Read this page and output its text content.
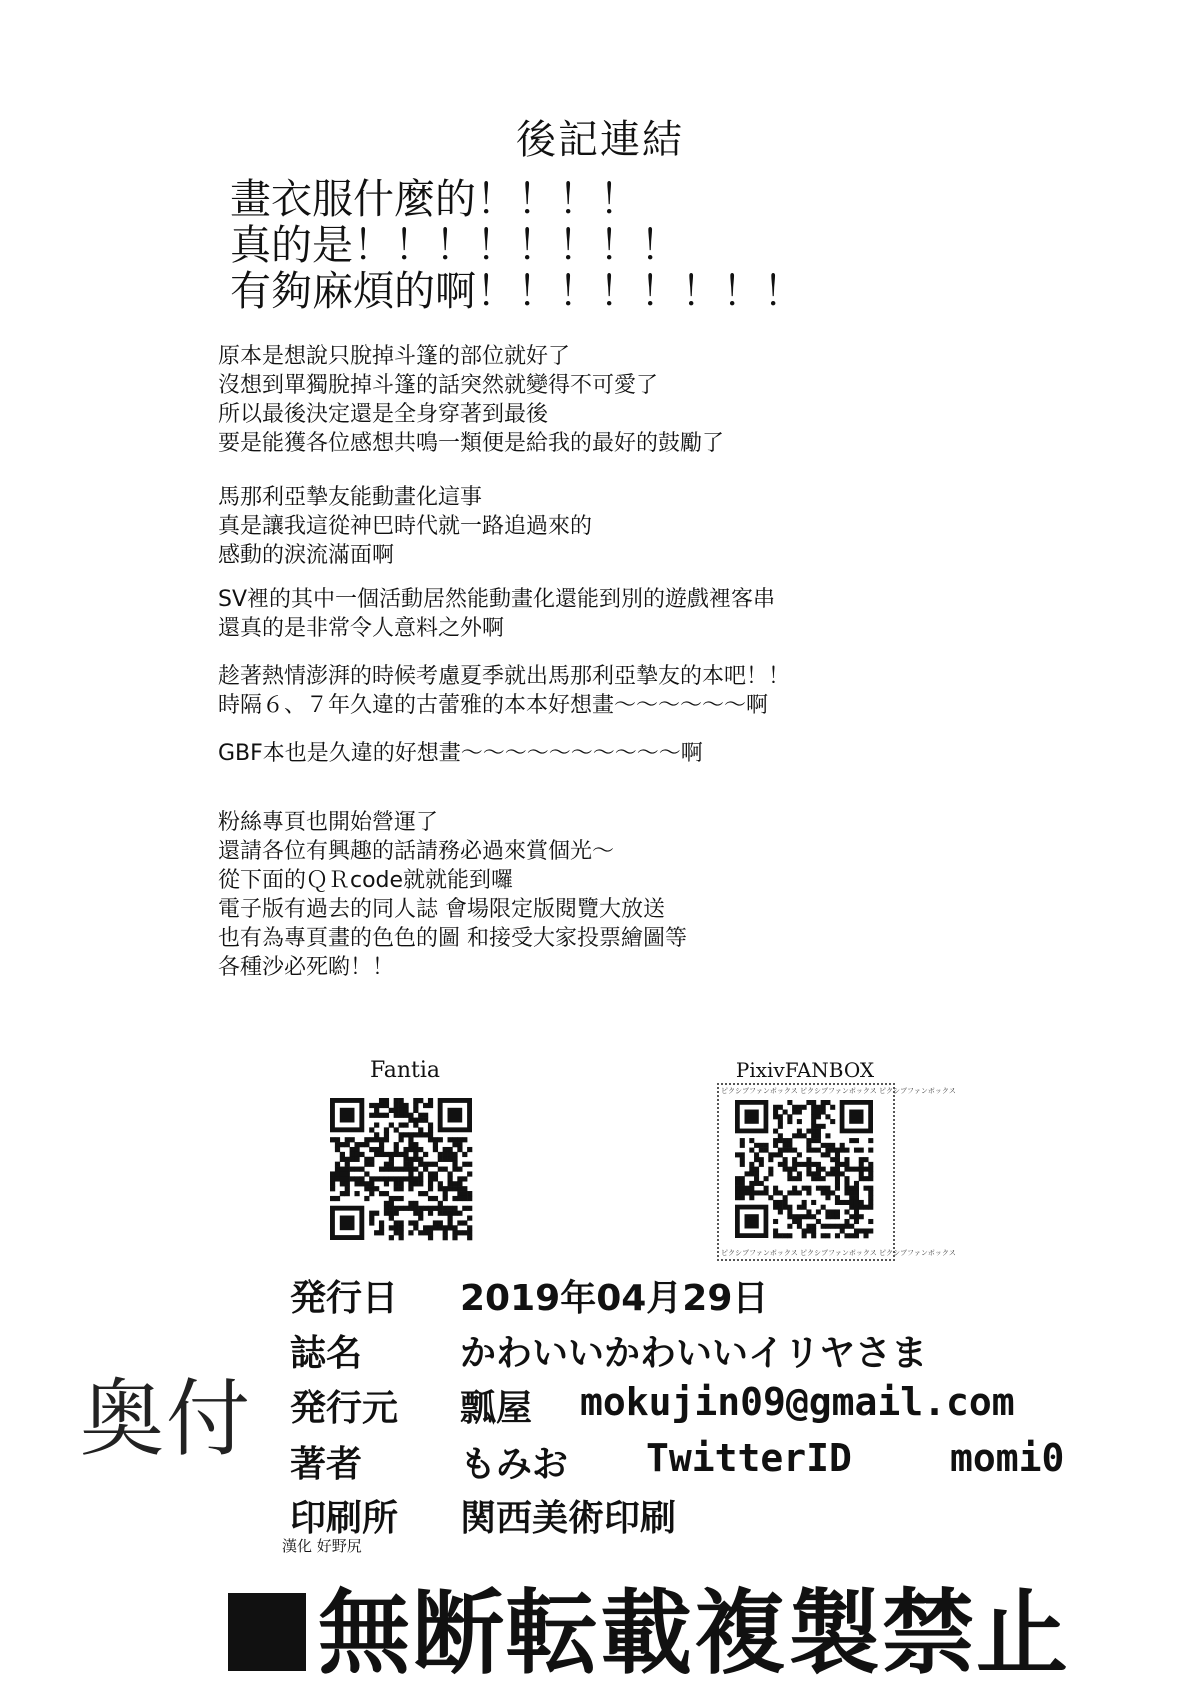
後記連結
畫衣服什麼的！！！！
真的是！！！！！！！！
有夠麻煩的啊！！！！！！！！
原本是想說只脫掉斗篷的部位就好了
沒想到單獨脫掉斗篷的話突然就變得不可愛了
所以最後決定還是全身穿著到最後
要是能獲各位感想共鳴一類便是給我的最好的鼓勵了
馬那利亞摯友能動畫化這事
真是讓我這從神巴時代就一路追過來的
感動的淚流滿面啊
SV裡的其中一個活動居然能動畫化還能到別的遊戲裡客串
還真的是非常令人意料之外啊
趁著熱情澎湃的時候考慮夏季就出馬那利亞摯友的本吧！！
時隔６、７年久違的古蕾雅的本本好想畫～～～～～～啊
GBF本也是久違的好想畫～～～～～～～～～～啊
粉絲專頁也開始營運了
還請各位有興趣的話請務必過來賞個光～
從下面的ＱＲcode就就能到囉
電子版有過去的同人誌 會場限定版閱覽大放送
也有為專頁畫的色色的圖 和接受大家投票繪圖等
各種沙必死喲！！
Fantia	PixivFANBOX
ピクシブファンボックス ピクシブファンボックス ピクシブファンボックス
ピクシブファンボックス ピクシブファンボックス ピクシブファンボックス
奥付
発行日 2019年04月29日
誌名	かわいいかわいいイリヤさま
発行元 瓢屋 mokujin09@gmail.com
著者	もみお TwitterID	momi0
印刷所 関西美術印刷
漢化 好野尻
無断転載複製禁止
